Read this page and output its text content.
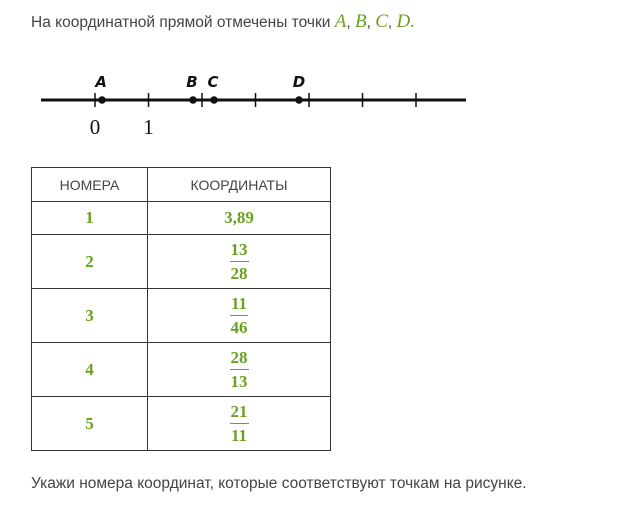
На координатной прямой отмечены точки A, B, C, D.
A	B C	D
0 1
НОМЕРА	КООРДИНАТЫ
1	3,89
2	$\frac{13}{28}$

3	$\frac{11}{46}$

4	$\frac{28}{13}$

5	$\frac{21}{11}$
Укажи номера координат, которые соответствуют точкам на рисунке.
